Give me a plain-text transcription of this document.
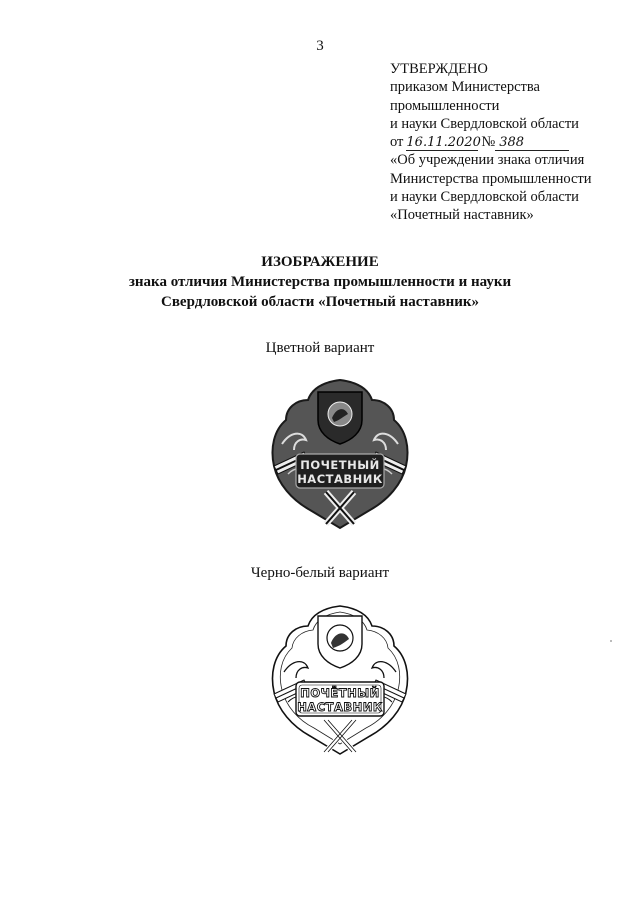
3
УТВЕРЖДЕНО
приказом Министерства
промышленности
и науки Свердловской области
от 16.11.2020№ 388
«Об учреждении знака отличия
Министерства промышленности
и науки Свердловской области
«Почетный наставник»
ИЗОБРАЖЕНИЕ
знака отличия Министерства промышленности и науки
Свердловской области «Почетный наставник»
Цветной вариант
ПОЧЕТНЫЙ
НАСТАВНИК
Черно-белый вариант
ПОЧЁТНЫЙ
НАСТАВНИК
